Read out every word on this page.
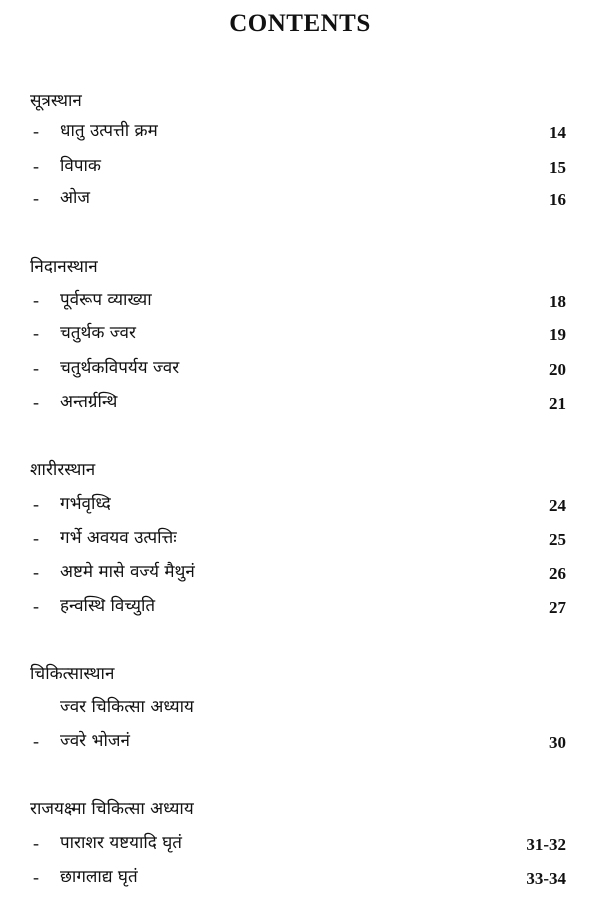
CONTENTS
सूत्रस्थान
- धातु उत्पत्ती क्रम	14
- विपाक	15
- ओज	16
निदानस्थान
- पूर्वरूप व्याख्या	18
- चतुर्थक ज्वर	19
- चतुर्थकविपर्यय ज्वर	20
- अन्तर्ग्रन्थि	21
शारीरस्थान
- गर्भवृध्दि	24
- गर्भे अवयव उत्पत्तिः	25
- अष्टमे मासे वर्ज्य मैथुनं	26
- हन्वस्थि विच्युति	27
चिकित्सास्थान
ज्वर चिकित्सा अध्याय
- ज्वरे भोजनं	30
राजयक्ष्मा चिकित्सा अध्याय
- पाराशर यष्टयादि घृतं	31-32
- छागलाद्य घृतं	33-34
